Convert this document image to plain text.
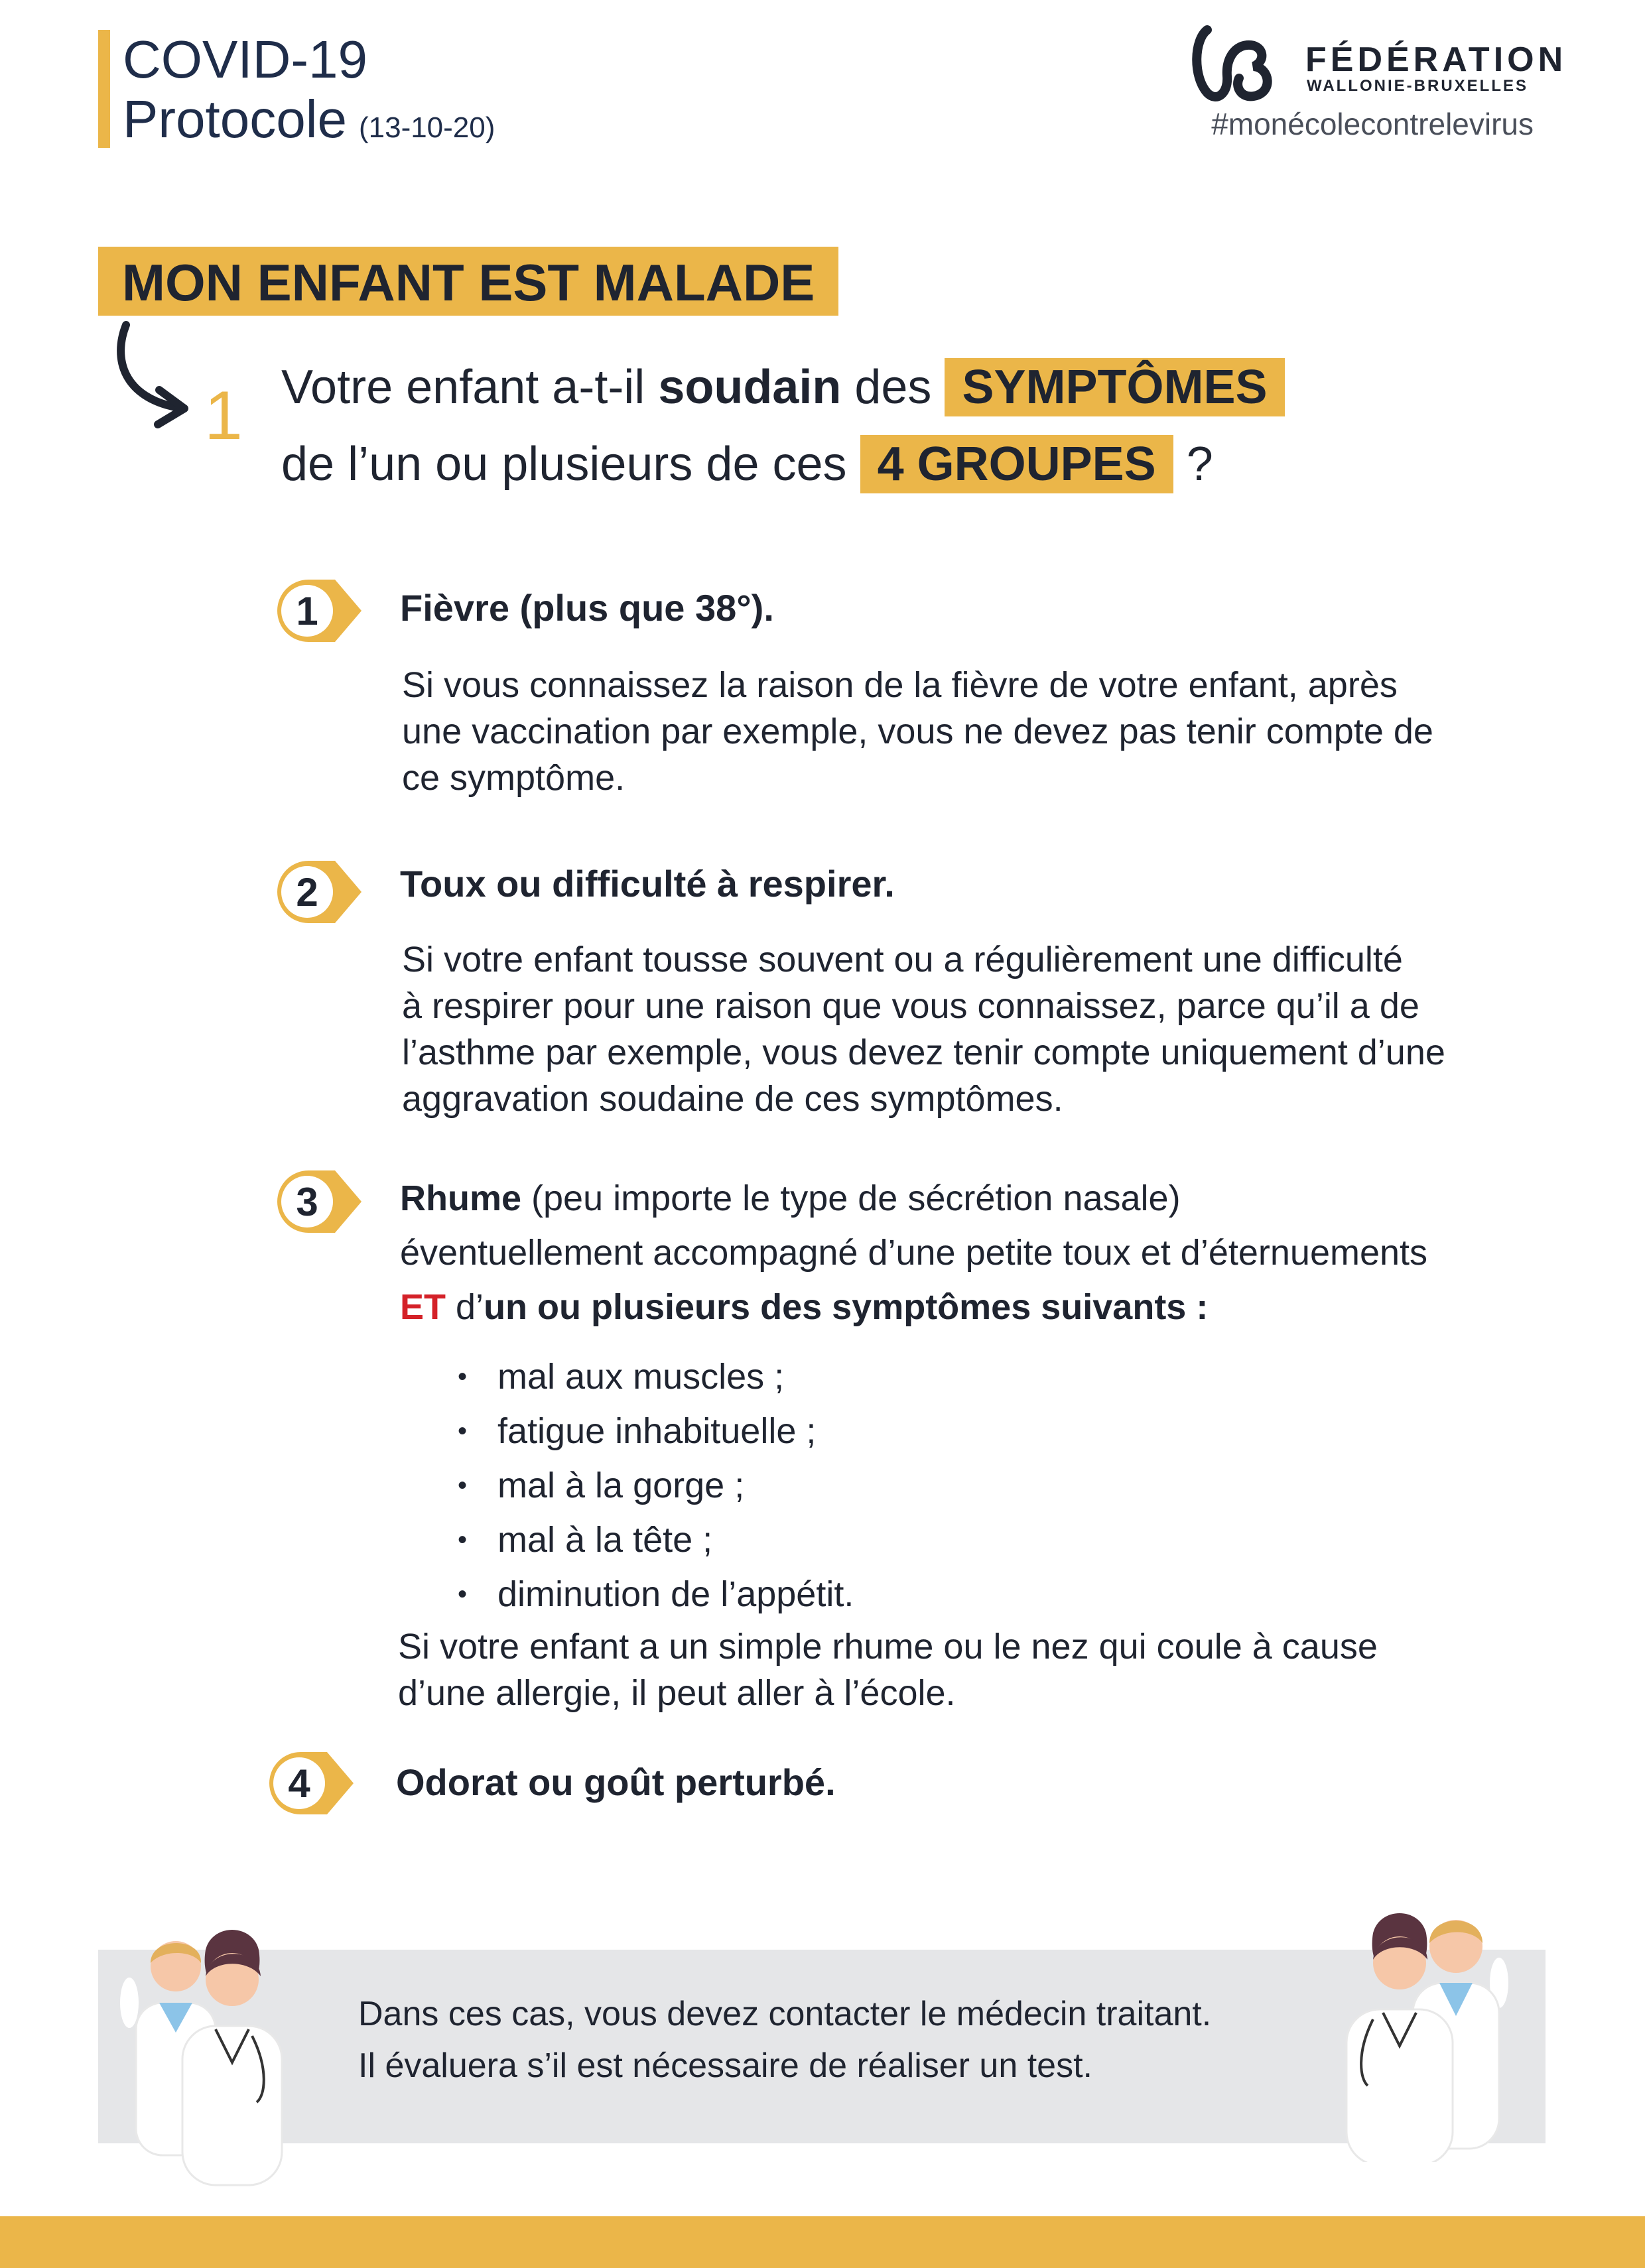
COVID-19
Protocole (13-10-20)
FÉDÉRATION
WALLONIE-BRUXELLES
#monécolecontrelevirus
MON ENFANT EST MALADE
1 Votre enfant a-t-il soudain des SYMPTÔMES
de l’un ou plusieurs de ces 4 GROUPES ?
1 Fièvre (plus que 38°).
Si vous connaissez la raison de la fièvre de votre enfant, après
une vaccination par exemple, vous ne devez pas tenir compte de
ce symptôme.
2 Toux ou difficulté à respirer.
Si votre enfant tousse souvent ou a régulièrement une difficulté
à respirer pour une raison que vous connaissez, parce qu’il a de
l’asthme par exemple, vous devez tenir compte uniquement d’une
aggravation soudaine de ces symptômes.
3 Rhume (peu importe le type de sécrétion nasale)
éventuellement accompagné d’une petite toux et d’éternuements
ET d’un ou plusieurs des symptômes suivants :
• mal aux muscles ;
• fatigue inhabituelle ;
• mal à la gorge ;
• mal à la tête ;
• diminution de l’appétit.
Si votre enfant a un simple rhume ou le nez qui coule à cause
d’une allergie, il peut aller à l’école.
4 Odorat ou goût perturbé.
Dans ces cas, vous devez contacter le médecin traitant.
Il évaluera s’il est nécessaire de réaliser un test.
